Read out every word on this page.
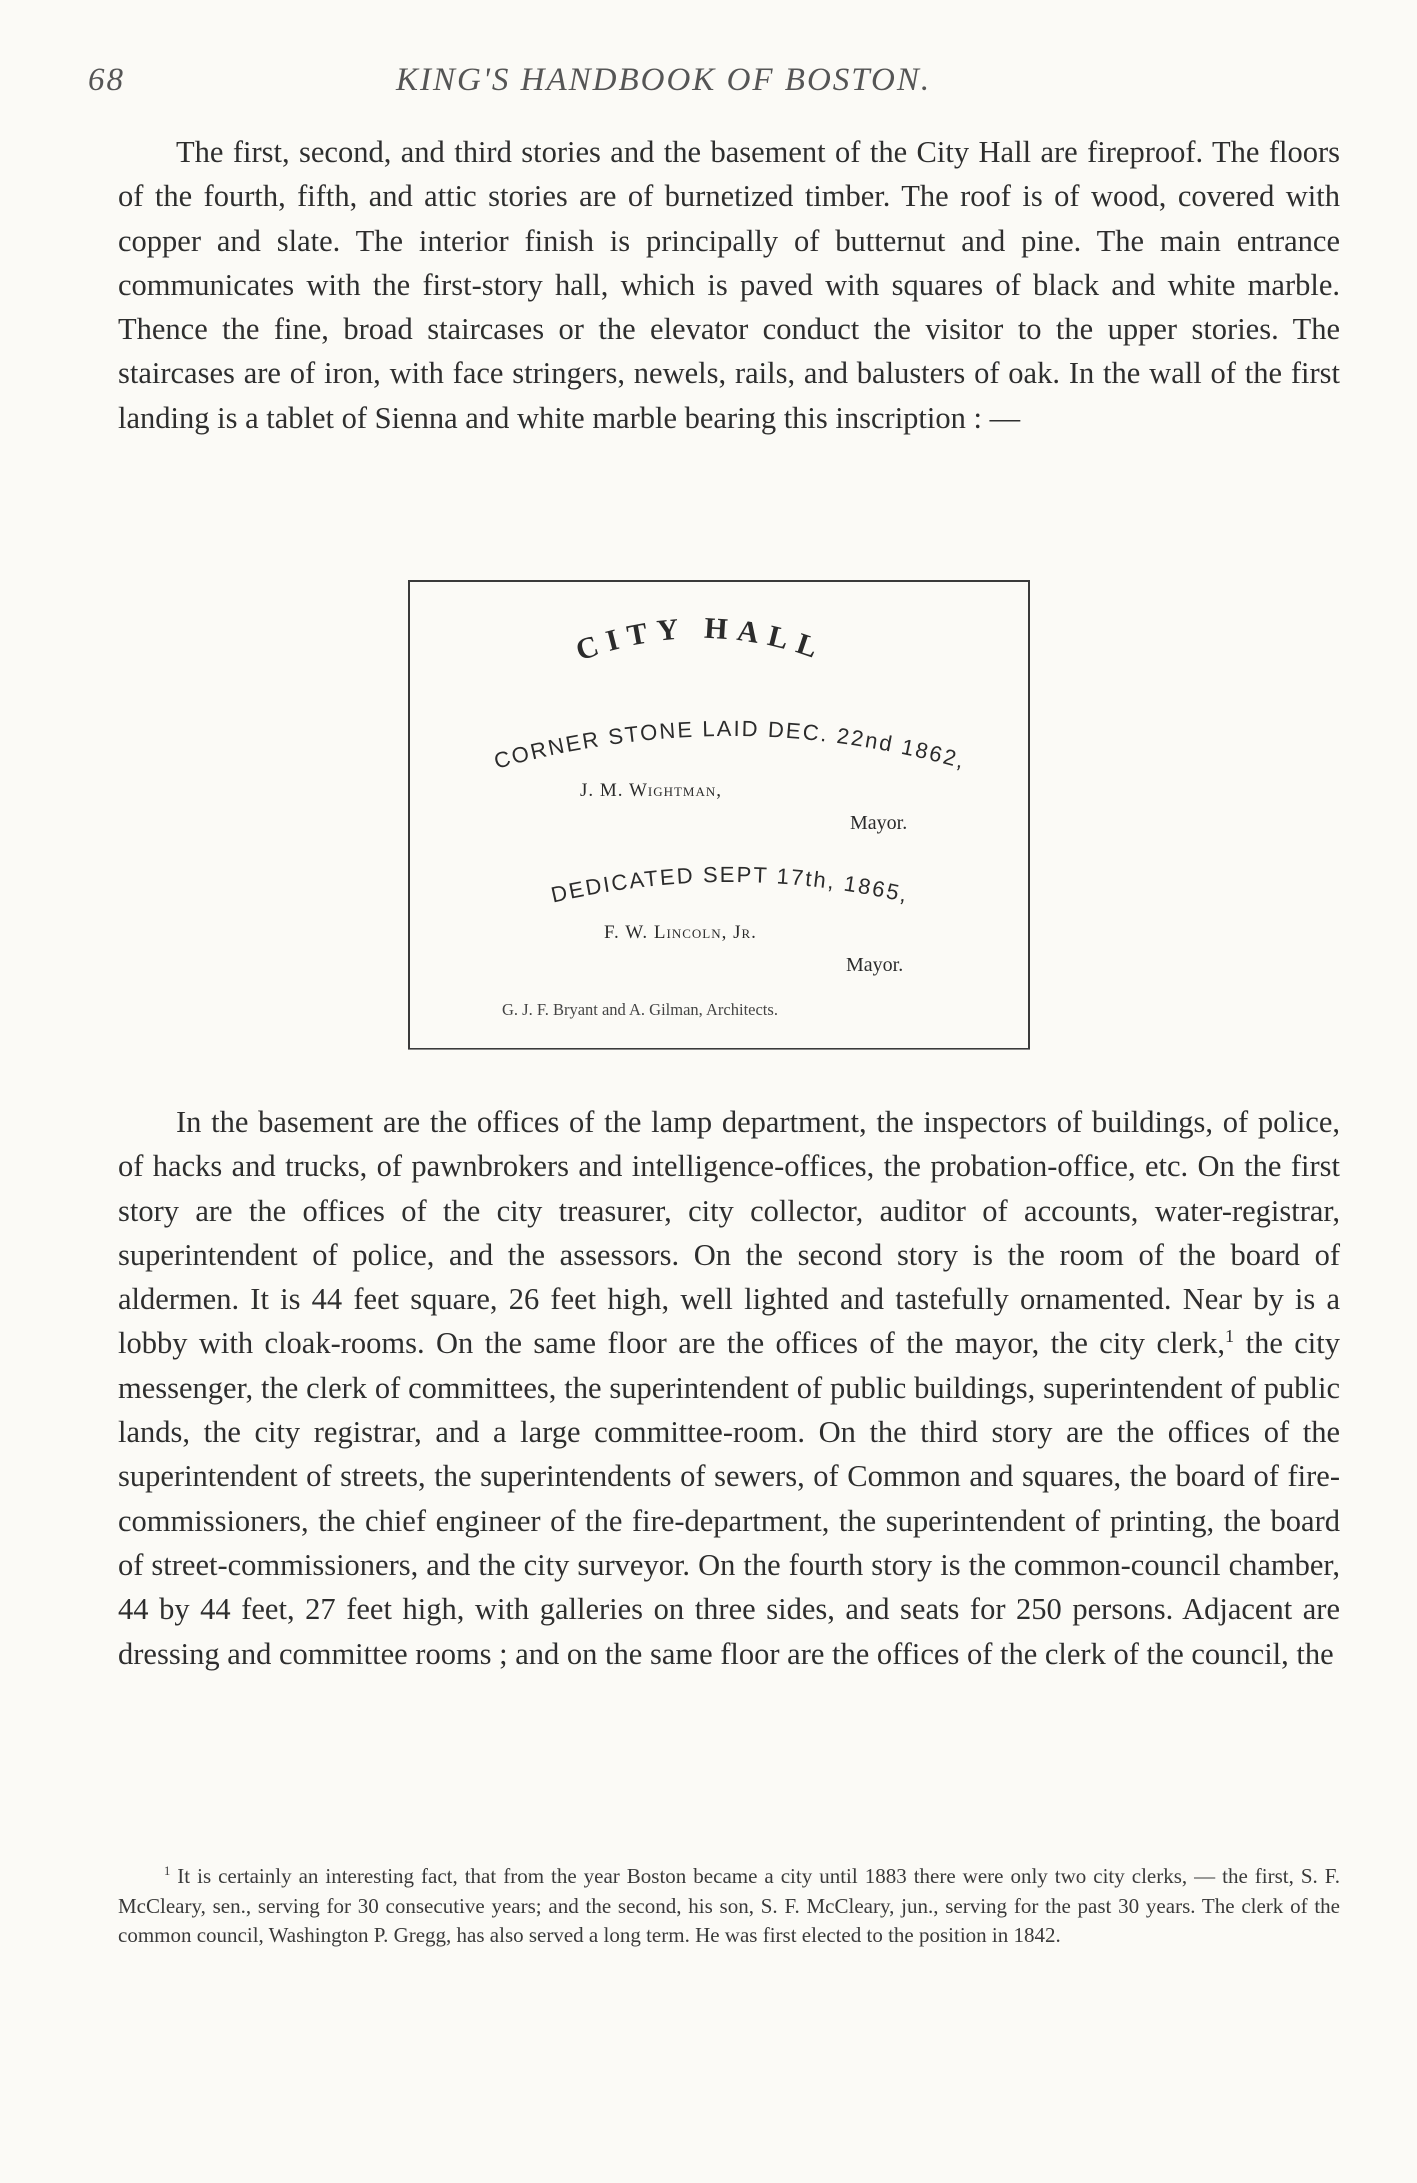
68	KING'S HANDBOOK OF BOSTON.

The first, second, and third stories and the basement of the City Hall are fireproof. The floors of the fourth, fifth, and attic stories are of burnetized timber. The roof is of wood, covered with copper and slate. The interior finish is principally of butternut and pine. The main entrance communicates with the first-story hall, which is paved with squares of black and white marble. Thence the fine, broad staircases or the elevator conduct the visitor to the upper stories. The staircases are of iron, with face stringers, newels, rails, and balusters of oak. In the wall of the first landing is a tablet of Sienna and white marble bearing this inscription : —

CITY HALL
CORNER STONE LAID DEC. 22nd 1862,
J. M. Wightman,
Mayor.
DEDICATED SEPT 17th, 1865,
F. W. Lincoln, Jr.
Mayor.
G. J. F. Bryant and A. Gilman, Architects.

In the basement are the offices of the lamp department, the inspectors of buildings, of police, of hacks and trucks, of pawnbrokers and intelligence-offices, the probation-office, etc. On the first story are the offices of the city treasurer, city collector, auditor of accounts, water-registrar, superintendent of police, and the assessors. On the second story is the room of the board of aldermen. It is 44 feet square, 26 feet high, well lighted and tastefully ornamented. Near by is a lobby with cloak-rooms. On the same floor are the offices of the mayor, the city clerk,$^1$ the city messenger, the clerk of committees, the superintendent of public buildings, superintendent of public lands, the city registrar, and a large committee-room. On the third story are the offices of the superintendent of streets, the superintendents of sewers, of Common and squares, the board of fire-commissioners, the chief engineer of the fire-department, the superintendent of printing, the board of street-commissioners, and the city surveyor. On the fourth story is the common-council chamber, 44 by 44 feet, 27 feet high, with galleries on three sides, and seats for 250 persons. Adjacent are dressing and committee rooms ; and on the same floor are the offices of the clerk of the council, the

$^1$ It is certainly an interesting fact, that from the year Boston became a city until 1883 there were only two city clerks, — the first, S. F. McCleary, sen., serving for 30 consecutive years; and the second, his son, S. F. McCleary, jun., serving for the past 30 years. The clerk of the common council, Washington P. Gregg, has also served a long term. He was first elected to the position in 1842.
